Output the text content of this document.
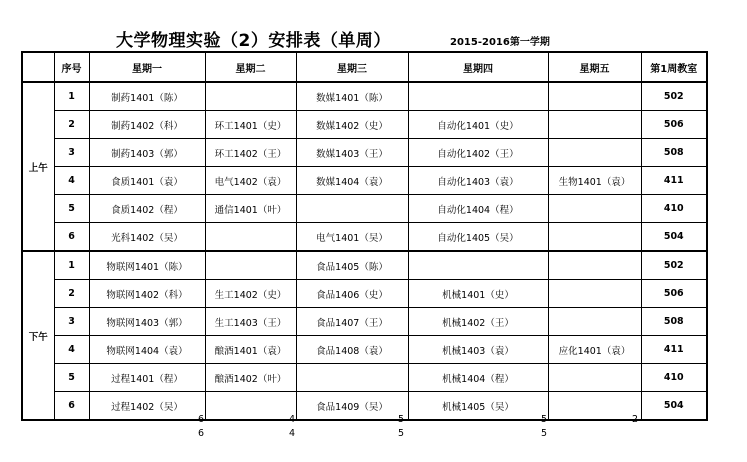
大学物理实验（2）安排表（单周）	2015-2016第一学期
	序号	星期一	星期二	星期三	星期四	星期五	第1周教室
上午	1	制药1401（陈）		数媒1401（陈）			502
	2	制药1402（科）	环工1401（史）	数媒1402（史）	自动化1401（史）		506
	3	制药1403（郭）	环工1402（王）	数媒1403（王）	自动化1402（王）		508
	4	食质1401（袁）	电气1402（袁）	数媒1404（袁）	自动化1403（袁）	生物1401（袁）	411
	5	食质1402（程）	通信1401（叶）		自动化1404（程）		410
	6	光科1402（吴）		电气1401（吴）	自动化1405（吴）		504
下午	1	物联网1401（陈）		食品1405（陈）			502
	2	物联网1402（科）	生工1402（史）	食品1406（史）	机械1401（史）		506
	3	物联网1403（郭）	生工1403（王）	食品1407（王）	机械1402（王）		508
	4	物联网1404（袁）	酿酒1401（袁）	食品1408（袁）	机械1403（袁）	应化1401（袁）	411
	5	过程1401（程）	酿酒1402（叶）		机械1404（程）		410
	6	过程1402（吴）		食品1409（吴）	机械1405（吴）		504
6	4	5	5	2
6	4	5	5
